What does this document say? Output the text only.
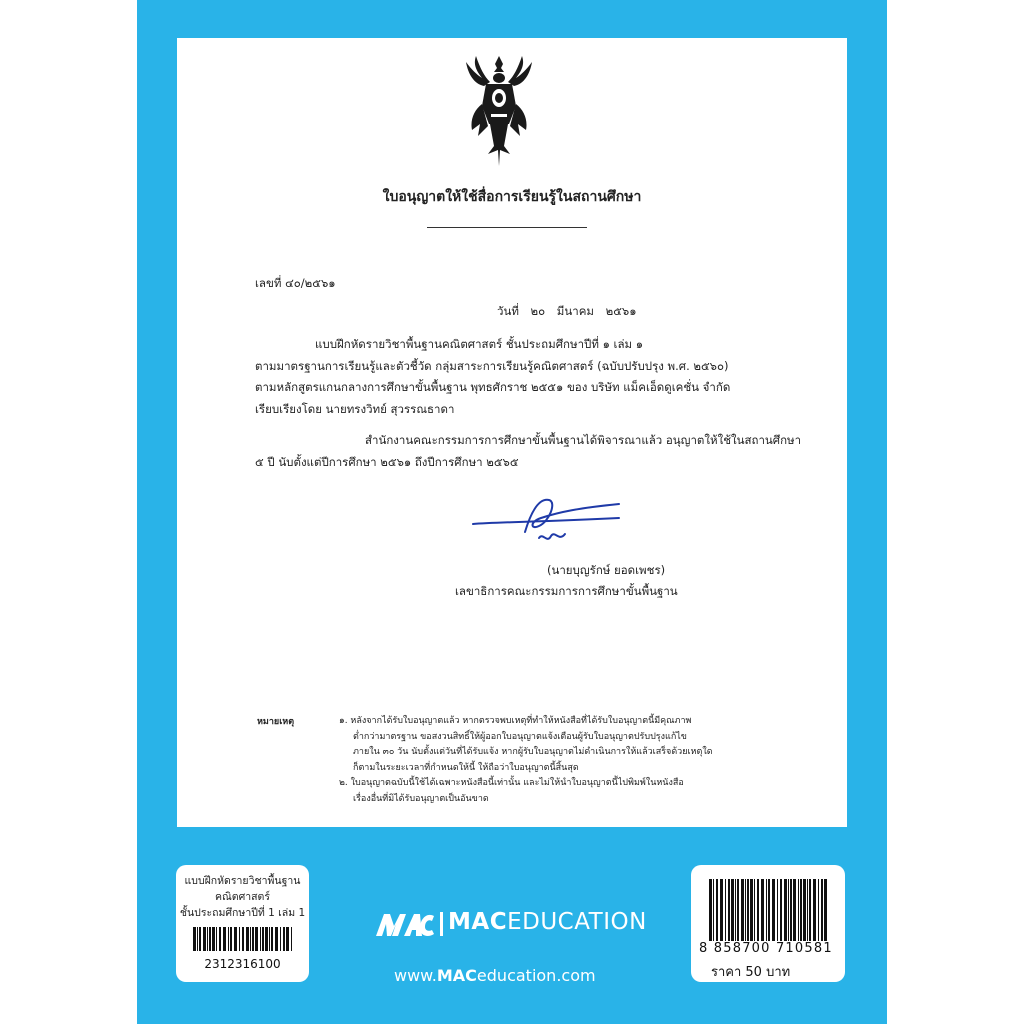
ใบอนุญาตให้ใช้สื่อการเรียนรู้ในสถานศึกษา
เลขที่ ๔๐/๒๕๖๑
วันที่ ๒๐ มีนาคม ๒๕๖๑
แบบฝึกหัดรายวิชาพื้นฐานคณิตศาสตร์ ชั้นประถมศึกษาปีที่ ๑ เล่ม ๑
ตามมาตรฐานการเรียนรู้และตัวชี้วัด กลุ่มสาระการเรียนรู้คณิตศาสตร์ (ฉบับปรับปรุง พ.ศ. ๒๕๖๐)
ตามหลักสูตรแกนกลางการศึกษาขั้นพื้นฐาน พุทธศักราช ๒๕๕๑ ของ บริษัท แม็คเอ็ดดูเคชั่น จำกัด
เรียบเรียงโดย นายทรงวิทย์ สุวรรณธาดา
สำนักงานคณะกรรมการการศึกษาขั้นพื้นฐานได้พิจารณาแล้ว อนุญาตให้ใช้ในสถานศึกษา
๕ ปี นับตั้งแต่ปีการศึกษา ๒๕๖๑ ถึงปีการศึกษา ๒๕๖๕
(นายบุญรักษ์ ยอดเพชร)
เลขาธิการคณะกรรมการการศึกษาขั้นพื้นฐาน
หมายเหตุ	๑. หลังจากได้รับใบอนุญาตแล้ว หากตรวจพบเหตุที่ทำให้หนังสือที่ได้รับใบอนุญาตนี้มีคุณภาพ
ต่ำกว่ามาตรฐาน ขอสงวนสิทธิ์ให้ผู้ออกใบอนุญาตแจ้งเตือนผู้รับใบอนุญาตปรับปรุงแก้ไข
ภายใน ๓๐ วัน นับตั้งแต่วันที่ได้รับแจ้ง หากผู้รับใบอนุญาตไม่ดำเนินการให้แล้วเสร็จด้วยเหตุใด
ก็ตามในระยะเวลาที่กำหนดให้นี้ ให้ถือว่าใบอนุญาตนี้สิ้นสุด
๒. ใบอนุญาตฉบับนี้ใช้ได้เฉพาะหนังสือนี้เท่านั้น และไม่ให้นำใบอนุญาตนี้ไปพิมพ์ในหนังสือ
เรื่องอื่นที่มิได้รับอนุญาตเป็นอันขาด
แบบฝึกหัดรายวิชาพื้นฐาน
คณิตศาสตร์
ชั้นประถมศึกษาปีที่ 1 เล่ม 1
2312316100
MACEDUCATION
www.MACeducation.com
8 858700 710581
ราคา 50 บาท
